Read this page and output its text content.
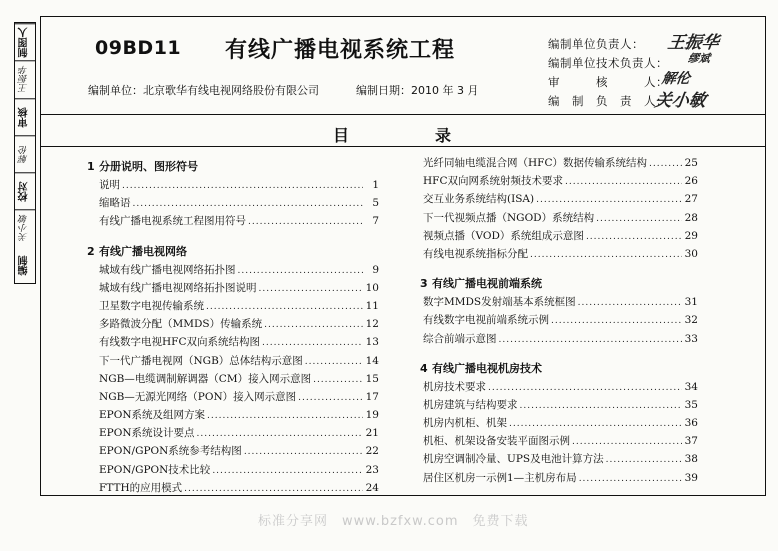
制图人
王振华
审核
解伦
校对
关小敏
编制
09BD11 有线广播电视系统工程
编制单位：北京歌华有线电视网络股份有限公司	编制日期：2010 年 3 月
编制单位负责人：
编制单位技术负责人：
审　　　核　　　人：
编　制　负　责　人：
王振华
缪斌
解伦
关小敏
目	录
1 分册说明、图形符号
说明 .....	1
缩略语 .....	5
有线广播电视系统工程图用符号 .....	7
2 有线广播电视网络
城域有线广播电视网络拓扑图 .....	9
城域有线广播电视网络拓扑图说明 .....	10
卫星数字电视传输系统 .....	11
多路微波分配（MMDS）传输系统 .....	12
有线数字电视HFC双向系统结构图 .....	13
下一代广播电视网（NGB）总体结构示意图 .....	14
NGB—电缆调制解调器（CM）接入网示意图 .....	15
NGB—无源光网络（PON）接入网示意图 .....	17
EPON系统及组网方案 .....	19
EPON系统设计要点 .....	21
EPON/GPON系统参考结构图 .....	22
EPON/GPON技术比较 .....	23
FTTH的应用模式 .....	24
光纤同轴电缆混合网（HFC）数据传输系统结构 .....	25
HFC双向网系统射频技术要求 .....	26
交互业务系统结构(ISA) .....	27
下一代视频点播（NGOD）系统结构 .....	28
视频点播（VOD）系统组成示意图 .....	29
有线电视系统指标分配 .....	30
3 有线广播电视前端系统
数字MMDS发射端基本系统框图 .....	31
有线数字电视前端系统示例 .....	32
综合前端示意图 .....	33
4 有线广播电视机房技术
机房技术要求 .....	34
机房建筑与结构要求 .....	35
机房内机柜、机架 .....	36
机柜、机架设备安装平面图示例 .....	37
机房空调制冷量、UPS及电池计算方法 .....	38
居住区机房一示例1—主机房布局 .....	39
标准分享网　www.bzfxw.com　免费下载
